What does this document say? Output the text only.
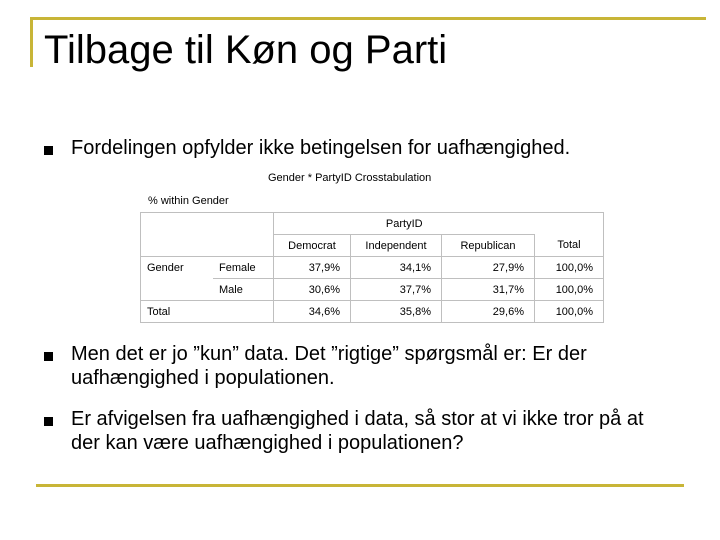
Tilbage til Køn og Parti
Fordelingen opfylder ikke betingelsen for uafhængighed.
Gender * PartyID Crosstabulation
% within Gender
		PartyID			
		Democrat	Independent	Republican	Total
Gender	Female	37,9%	34,1%	27,9%	100,0%
	Male	30,6%	37,7%	31,7%	100,0%
Total		34,6%	35,8%	29,6%	100,0%
Men det er jo ”kun” data. Det ”rigtige” spørgsmål er: Er der uafhængighed i populationen.
Er afvigelsen fra uafhængighed i data, så stor at vi ikke tror på at der kan være uafhængighed i populationen?
